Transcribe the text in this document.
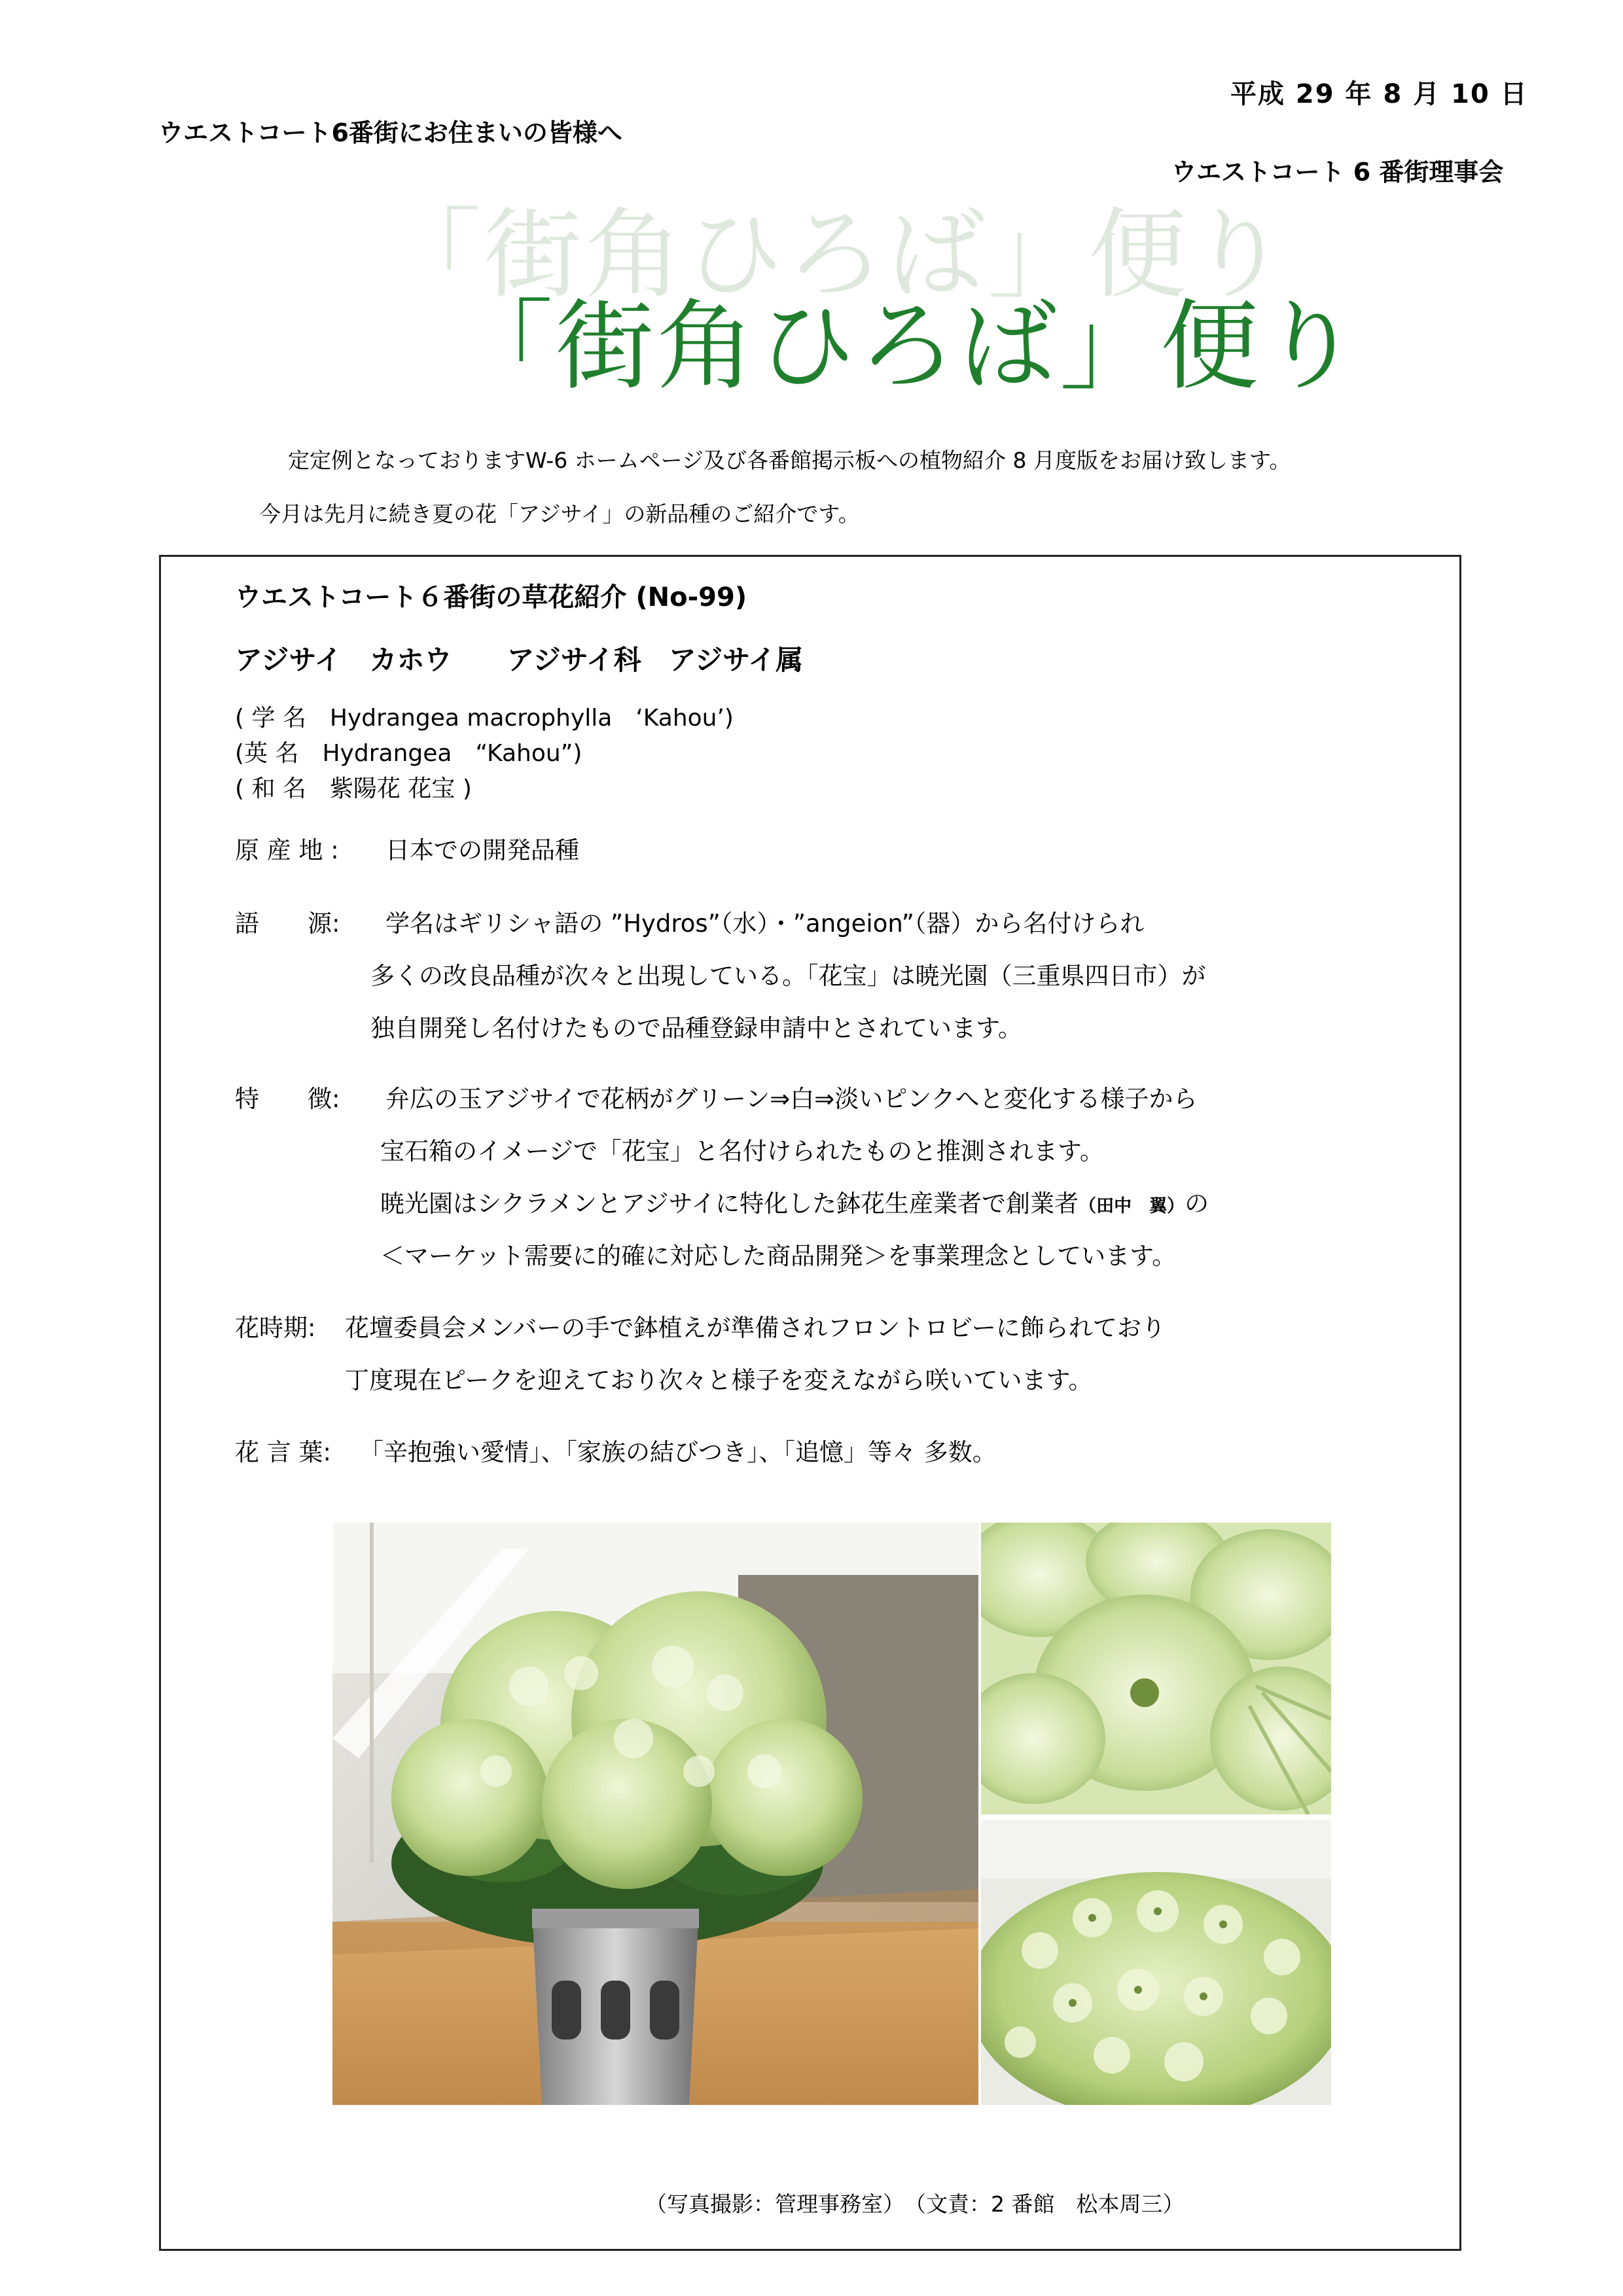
平成 29 年 8 月 10 日
ウエストコート6番街にお住まいの皆様へ
ウエストコート 6 番街理事会
「街角ひろば」便り
「街角ひろば」便り
定定例となっておりますW-6 ホームページ及び各番館掲示板への植物紹介 8 月度版をお届け致します。
今月は先月に続き夏の花「アジサイ」の新品種のご紹介です。
ウエストコート６番街の草花紹介 (No-99)
アジサイ　カホウ　　アジサイ科　アジサイ属
( 学 名　Hydrangea macrophylla　‘Kahou’)
(英 名　Hydrangea　“Kahou”)
( 和 名　紫陽花 花宝 )
原 産 地 : 日本での開発品種
語　　源: 学名はギリシャ語の ”Hydros”（水）・”angeion”（器）から名付けられ
多くの改良品種が次々と出現している。「花宝」は暁光園（三重県四日市）が
独自開発し名付けたもので品種登録申請中とされています。
特　　徴: 弁広の玉アジサイで花柄がグリーン⇒白⇒淡いピンクへと変化する様子から
宝石箱のイメージで「花宝」と名付けられたものと推測されます。
暁光園はシクラメンとアジサイに特化した鉢花生産業者で創業者（田中　翼）の
＜マーケット需要に的確に対応した商品開発＞を事業理念としています。
花時期: 花壇委員会メンバーの手で鉢植えが準備されフロントロビーに飾られており
丁度現在ピークを迎えており次々と様子を変えながら咲いています。
花 言 葉: 「辛抱強い愛情」、「家族の結びつき」、「追憶」等々 多数。
（写真撮影：管理事務室）　（文責：2 番館　松本周三）
